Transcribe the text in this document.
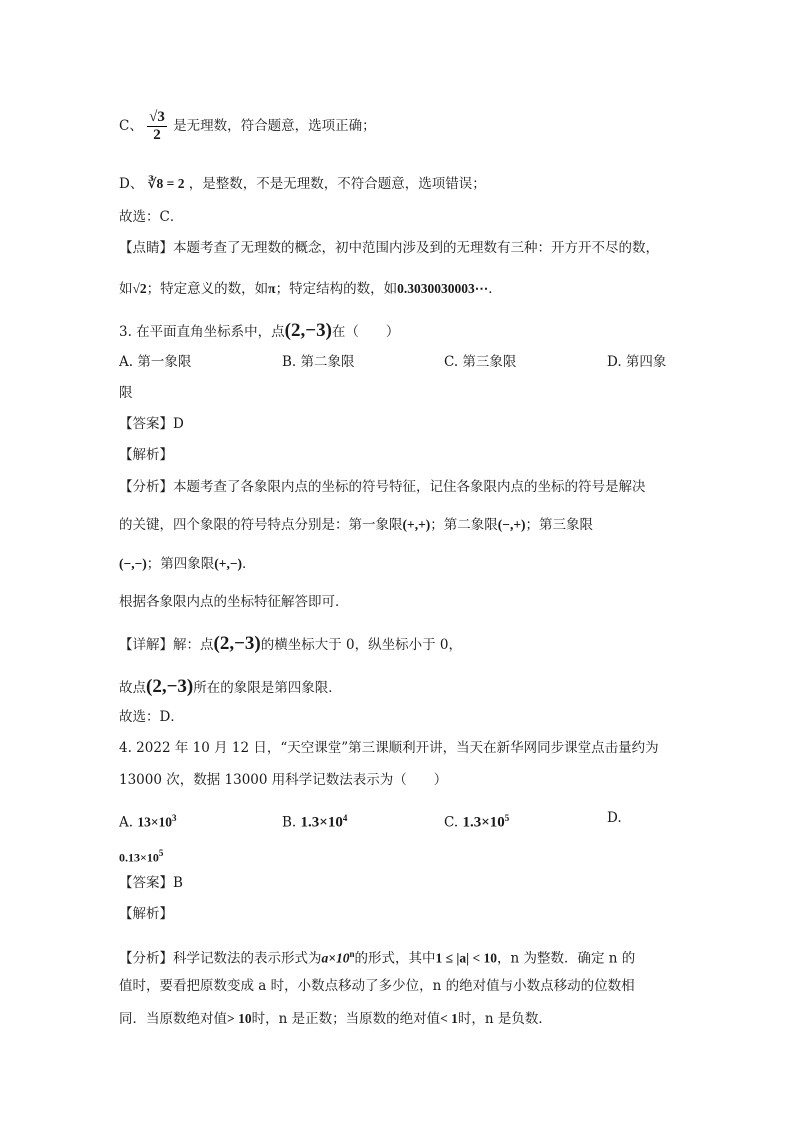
C、 $\frac{√3}{2}$ 是无理数，符合题意，选项正确；
D、 ∛8 = 2 ，是整数，不是无理数，不符合题意，选项错误；
故选：C．
【点睛】本题考查了无理数的概念，初中范围内涉及到的无理数有三种：开方开不尽的数，
如√2；特定意义的数，如π；特定结构的数，如0.3030030003⋯．
3. 在平面直角坐标系中，点(2,−3)在（　　）
A. 第一象限	B. 第二象限	C. 第三象限	D. 第四象
限
【答案】D
【解析】
【分析】本题考查了各象限内点的坐标的符号特征，记住各象限内点的坐标的符号是解决
的关键，四个象限的符号特点分别是：第一象限(+,+)；第二象限(−,+)；第三象限
(−,−)；第四象限(+,−)．
根据各象限内点的坐标特征解答即可．
【详解】解：点(2,−3)的横坐标大于 0，纵坐标小于 0，
故点(2,−3)所在的象限是第四象限．
故选：D．
4. 2022 年 10 月 12 日，“天空课堂”第三课顺利开讲，当天在新华网同步课堂点击量约为
13000 次，数据 13000 用科学记数法表示为（　　）
A. $13\times 10^3$	B. $1.3\times 10^4$	C. $1.3\times 10^5$	D.
$0.13\times 10^5$
【答案】B
【解析】
【分析】科学记数法的表示形式为$a\times 10^n$的形式，其中1 ≤ |a| < 10，n 为整数．确定 n 的
值时，要看把原数变成 a 时，小数点移动了多少位，n 的绝对值与小数点移动的位数相
同．当原数绝对值> 10时，n 是正数；当原数的绝对值< 1时，n 是负数．
